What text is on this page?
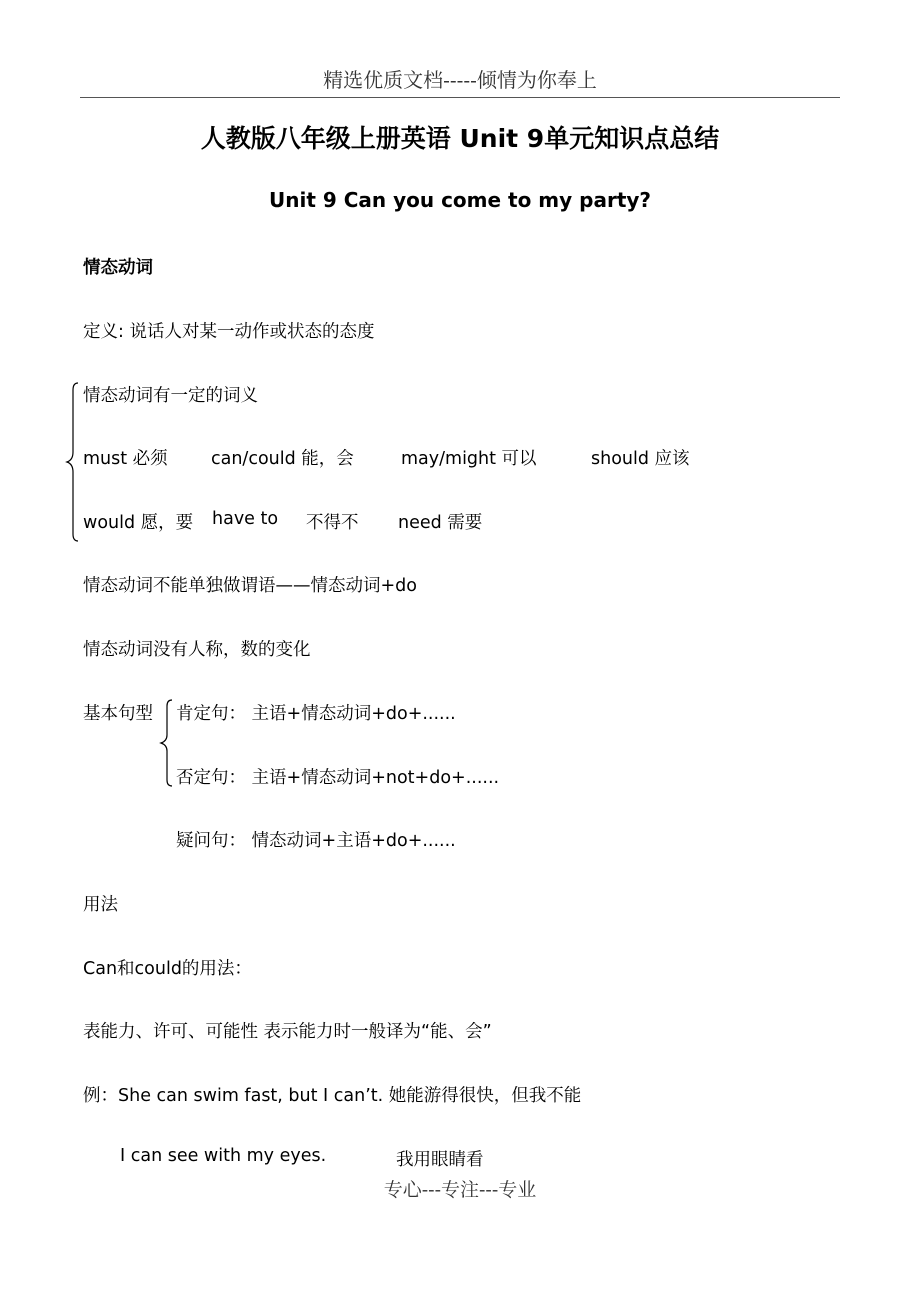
精选优质文档-----倾情为你奉上
人教版八年级上册英语 Unit 9单元知识点总结
Unit 9 Can you come to my party?
情态动词
定义: 说话人对某一动作或状态的态度
情态动词有一定的词义
must 必须 can/could 能，会	may/might 可以	should 应该
would 愿，要 have to 不得不 need 需要
情态动词不能单独做谓语——情态动词+do
情态动词没有人称，数的变化
基本句型 肯定句： 主语+情态动词+do+......
否定句： 主语+情态动词+not+do+......
疑问句： 情态动词+主语+do+......
用法
Can和could的用法：
表能力、许可、可能性 表示能力时一般译为“能、会”
例：She can swim fast, but I can’t. 她能游得很快，但我不能
I can see with my eyes.	我用眼睛看
专心---专注---专业
